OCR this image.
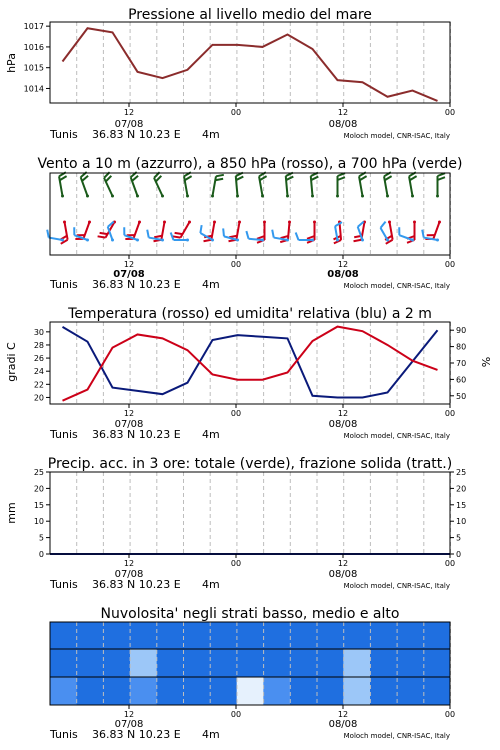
Pressione al livello medio del mare
1014
1015
1016
1017
hPa
12	00	12	00
07/08	08/08
Tunis 36.83 N 10.23 E 4m	Moloch model, CNR-ISAC, Italy
Vento a 10 m (azzurro), a 850 hPa (rosso), a 700 hPa (verde)
12	00	12	00
07/08	08/08
Tunis 36.83 N 10.23 E 4m	Moloch model, CNR-ISAC, Italy
Temperatura (rosso) ed umidita' relativa (blu) a 2 m
20
22
24
26
28
30
50
60
70
80
90
gradi C	%
12	00	12	00
07/08	08/08
Tunis 36.83 N 10.23 E 4m	Moloch model, CNR-ISAC, Italy
Precip. acc. in 3 ore: totale (verde), frazione solida (tratt.)
0	0
5	5
10	10
15	15
20	20
25	25
mm
12	00	12	00
07/08	08/08
Tunis 36.83 N 10.23 E 4m	Moloch model, CNR-ISAC, Italy
Nuvolosita' negli strati basso, medio e alto
12	00	12	00
07/08	08/08
Tunis 36.83 N 10.23 E 4m	Moloch model, CNR-ISAC, Italy
